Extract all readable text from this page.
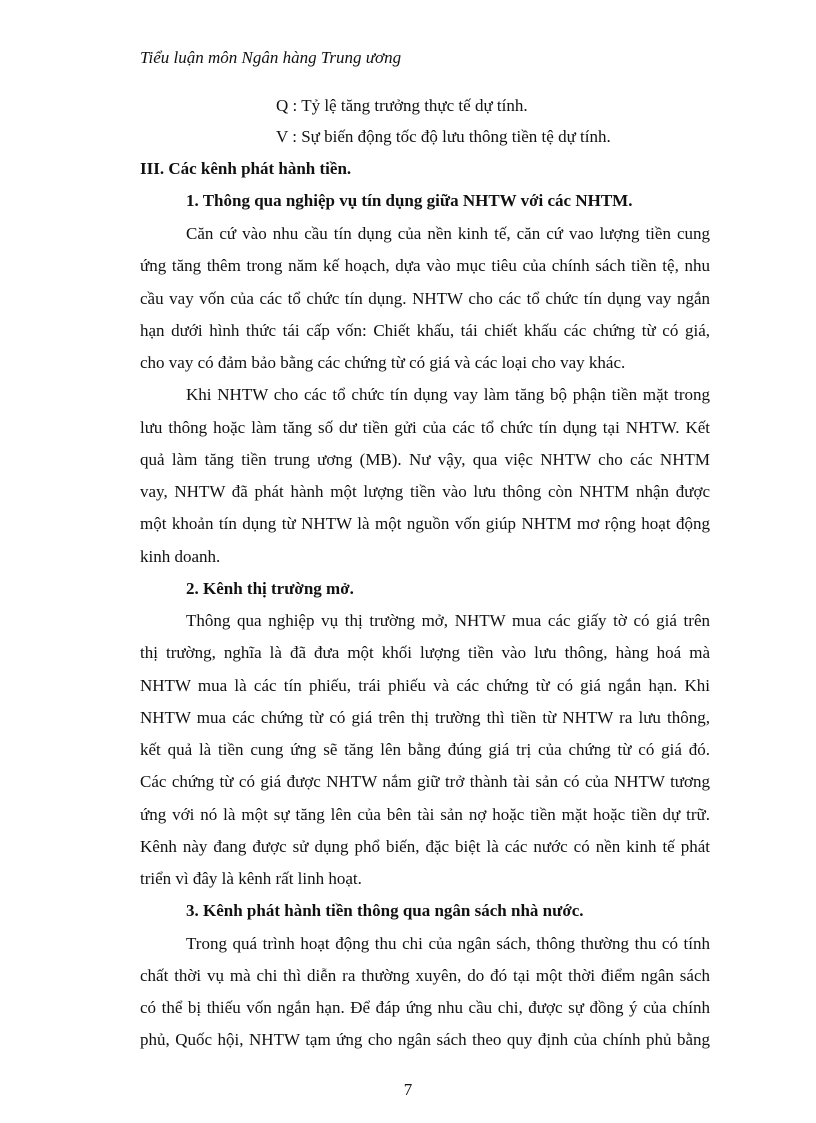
Tiểu luận môn Ngân hàng Trung ương
Q : Tỷ lệ tăng trưởng thực tế dự tính.
V : Sự biến động tốc độ lưu thông tiền tệ dự tính.
III. Các kênh phát hành tiền.
1. Thông qua nghiệp vụ tín dụng giữa NHTW với các NHTM.
Căn cứ vào nhu cầu tín dụng của nền kinh tế, căn cứ vao lượng tiền cung
ứng tăng thêm trong năm kế hoạch, dựa vào mục tiêu của chính sách tiền tệ, nhu
cầu vay vốn của các tổ chức tín dụng. NHTW cho các tổ chức tín dụng vay ngắn
hạn dưới hình thức tái cấp vốn: Chiết khấu, tái chiết khấu các chứng từ có giá,
cho vay có đảm bảo bằng các chứng từ có giá và các loại cho vay khác.
Khi NHTW cho các tổ chức tín dụng vay làm tăng bộ phận tiền mặt trong
lưu thông hoặc làm tăng số dư tiền gửi của các tổ chức tín dụng tại NHTW. Kết
quả làm tăng tiền trung ương (MB). Nư vậy, qua việc NHTW cho các NHTM
vay, NHTW đã phát hành một lượng tiền vào lưu thông còn NHTM nhận được
một khoản tín dụng từ NHTW là một nguồn vốn giúp NHTM mơ rộng hoạt động
kinh doanh.
2. Kênh thị trường mở.
Thông qua nghiệp vụ thị trường mở, NHTW mua các giấy tờ có giá trên
thị trường, nghĩa là đã đưa một khối lượng tiền vào lưu thông, hàng hoá mà
NHTW mua là các tín phiếu, trái phiếu và các chứng từ có giá ngắn hạn. Khi
NHTW mua các chứng từ có giá trên thị trường thì tiền từ NHTW ra lưu thông,
kết quả là tiền cung ứng sẽ tăng lên bằng đúng giá trị của chứng từ có giá đó.
Các chứng từ có giá được NHTW nắm giữ trở thành tài sản có của NHTW tương
ứng với nó là một sự tăng lên của bên tài sản nợ hoặc tiền mặt hoặc tiền dự trữ.
Kênh này đang được sử dụng phổ biến, đặc biệt là các nước có nền kinh tế phát
triển vì đây là kênh rất linh hoạt.
3. Kênh phát hành tiền thông qua ngân sách nhà nước.
Trong quá trình hoạt động thu chi của ngân sách, thông thường thu có tính
chất thời vụ mà chi thì diễn ra thường xuyên, do đó tại một thời điểm ngân sách
có thể bị thiếu vốn ngắn hạn. Để đáp ứng nhu cầu chi, được sự đồng ý của chính
phủ, Quốc hội, NHTW tạm ứng cho ngân sách theo quy định của chính phủ bằng
7
